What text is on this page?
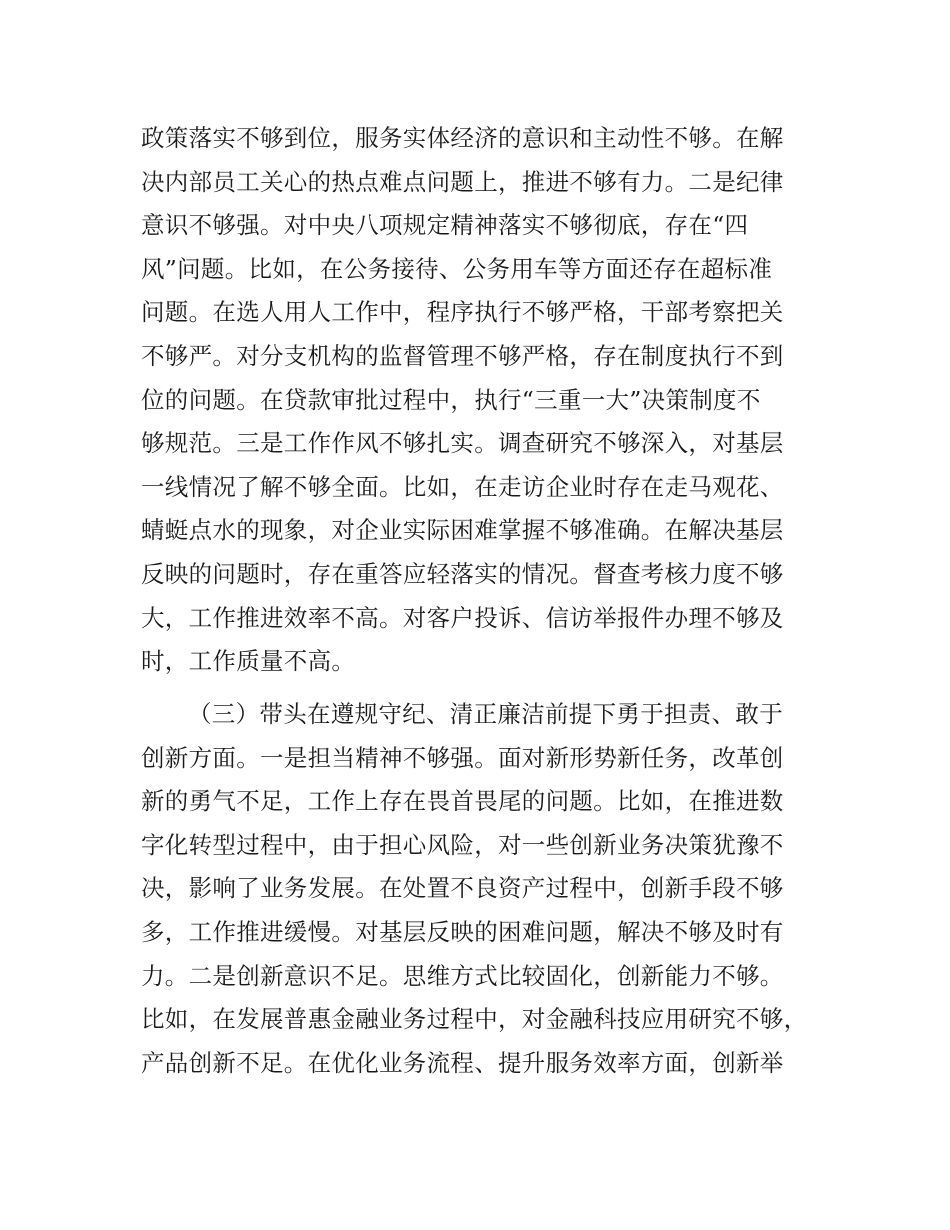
政策落实不够到位，服务实体经济的意识和主动性不够。在解
决内部员工关心的热点难点问题上，推进不够有力。二是纪律
意识不够强。对中央八项规定精神落实不够彻底，存在“四
风”问题。比如，在公务接待、公务用车等方面还存在超标准
问题。在选人用人工作中，程序执行不够严格，干部考察把关
不够严。对分支机构的监督管理不够严格，存在制度执行不到
位的问题。在贷款审批过程中，执行“三重一大”决策制度不
够规范。三是工作作风不够扎实。调查研究不够深入，对基层
一线情况了解不够全面。比如，在走访企业时存在走马观花、
蜻蜓点水的现象，对企业实际困难掌握不够准确。在解决基层
反映的问题时，存在重答应轻落实的情况。督查考核力度不够
大，工作推进效率不高。对客户投诉、信访举报件办理不够及
时，工作质量不高。
（三）带头在遵规守纪、清正廉洁前提下勇于担责、敢于
创新方面。一是担当精神不够强。面对新形势新任务，改革创
新的勇气不足，工作上存在畏首畏尾的问题。比如，在推进数
字化转型过程中，由于担心风险，对一些创新业务决策犹豫不
决，影响了业务发展。在处置不良资产过程中，创新手段不够
多，工作推进缓慢。对基层反映的困难问题，解决不够及时有
力。二是创新意识不足。思维方式比较固化，创新能力不够。
比如，在发展普惠金融业务过程中，对金融科技应用研究不够，
产品创新不足。在优化业务流程、提升服务效率方面，创新举
